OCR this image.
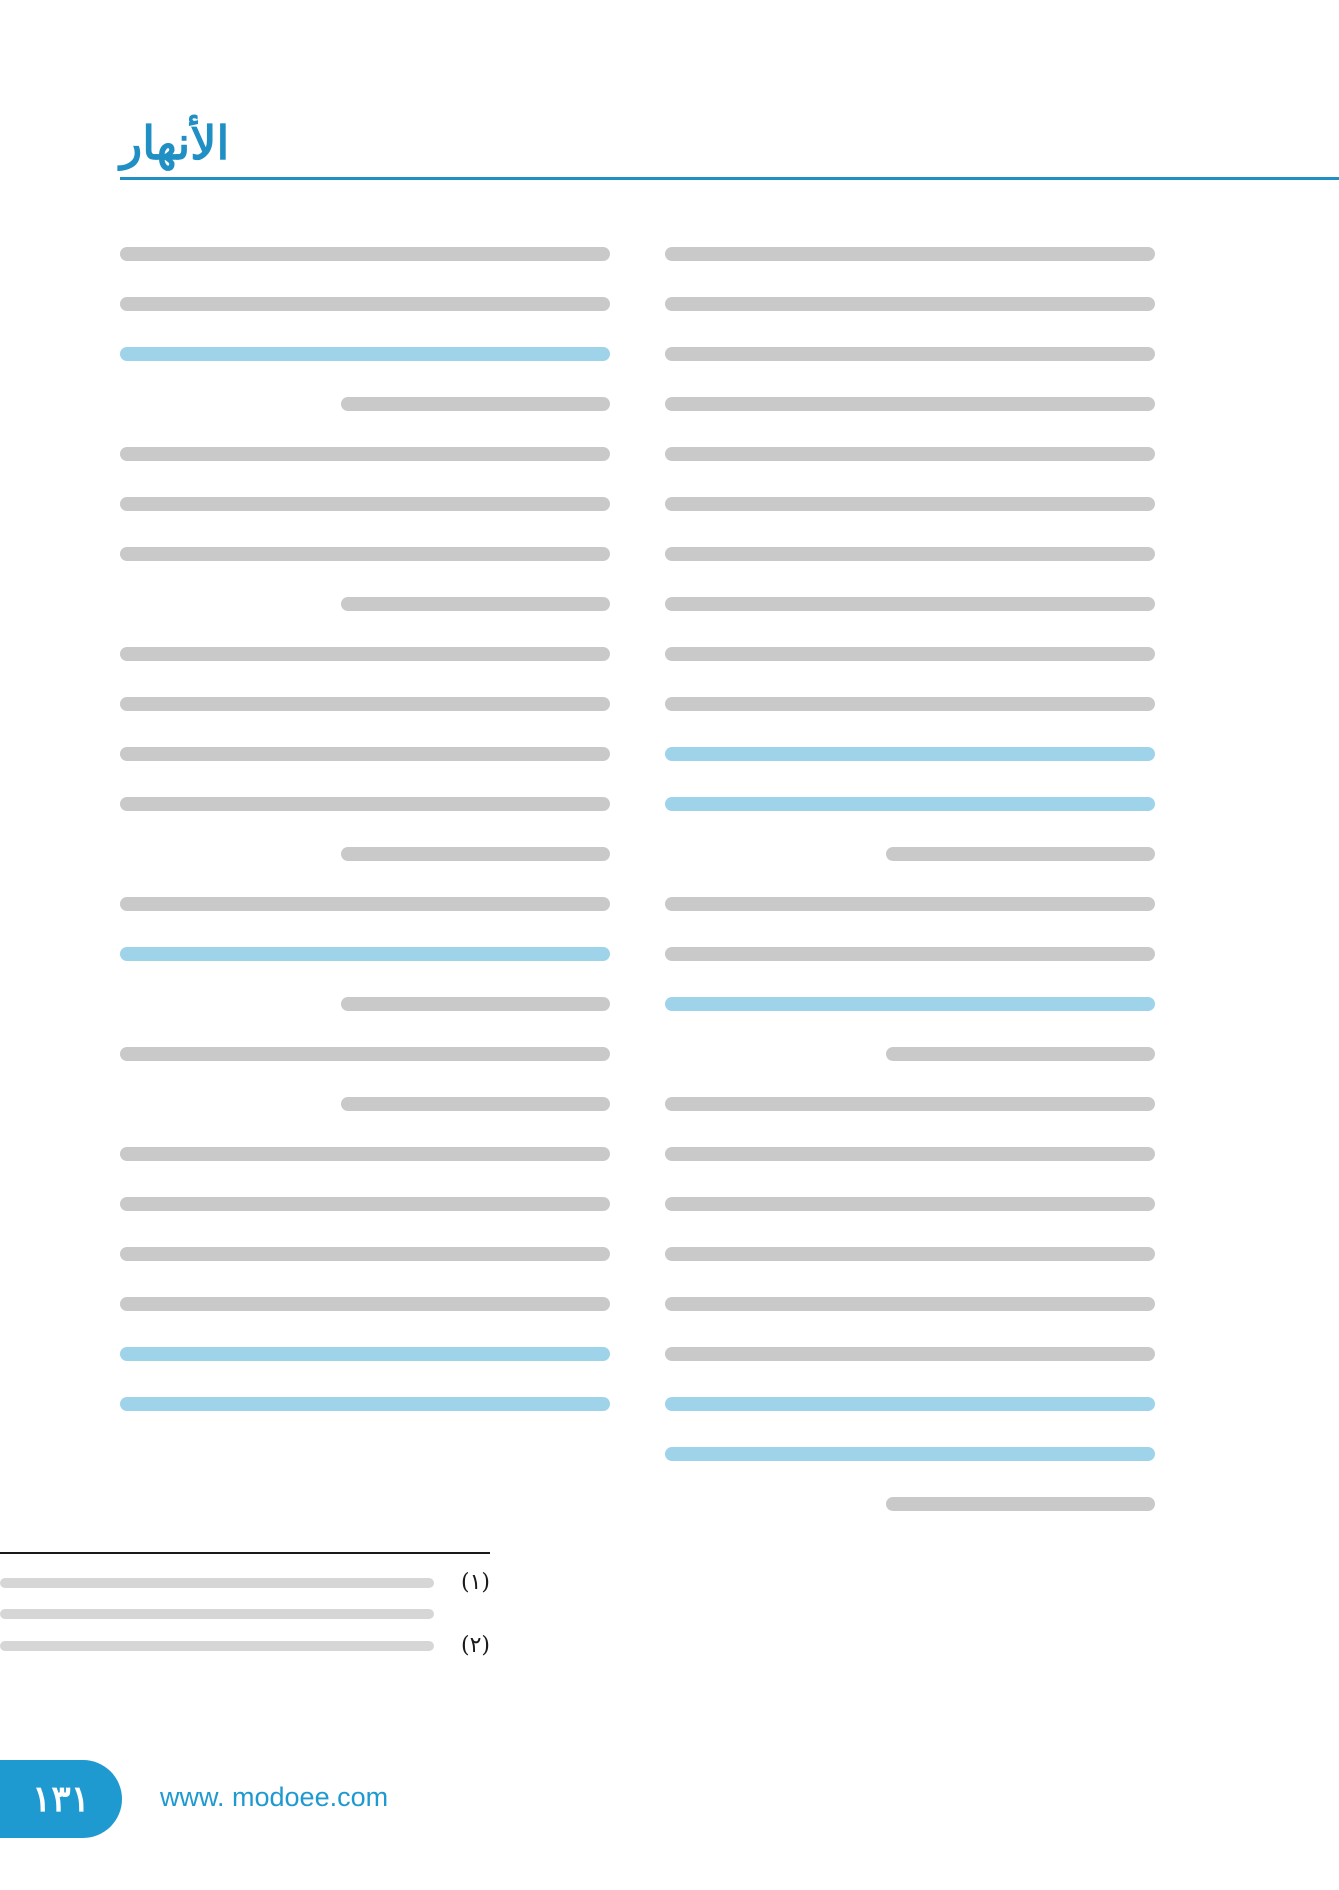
الأنهار
(١)
(٢)
١٣١	www. modoee.com
